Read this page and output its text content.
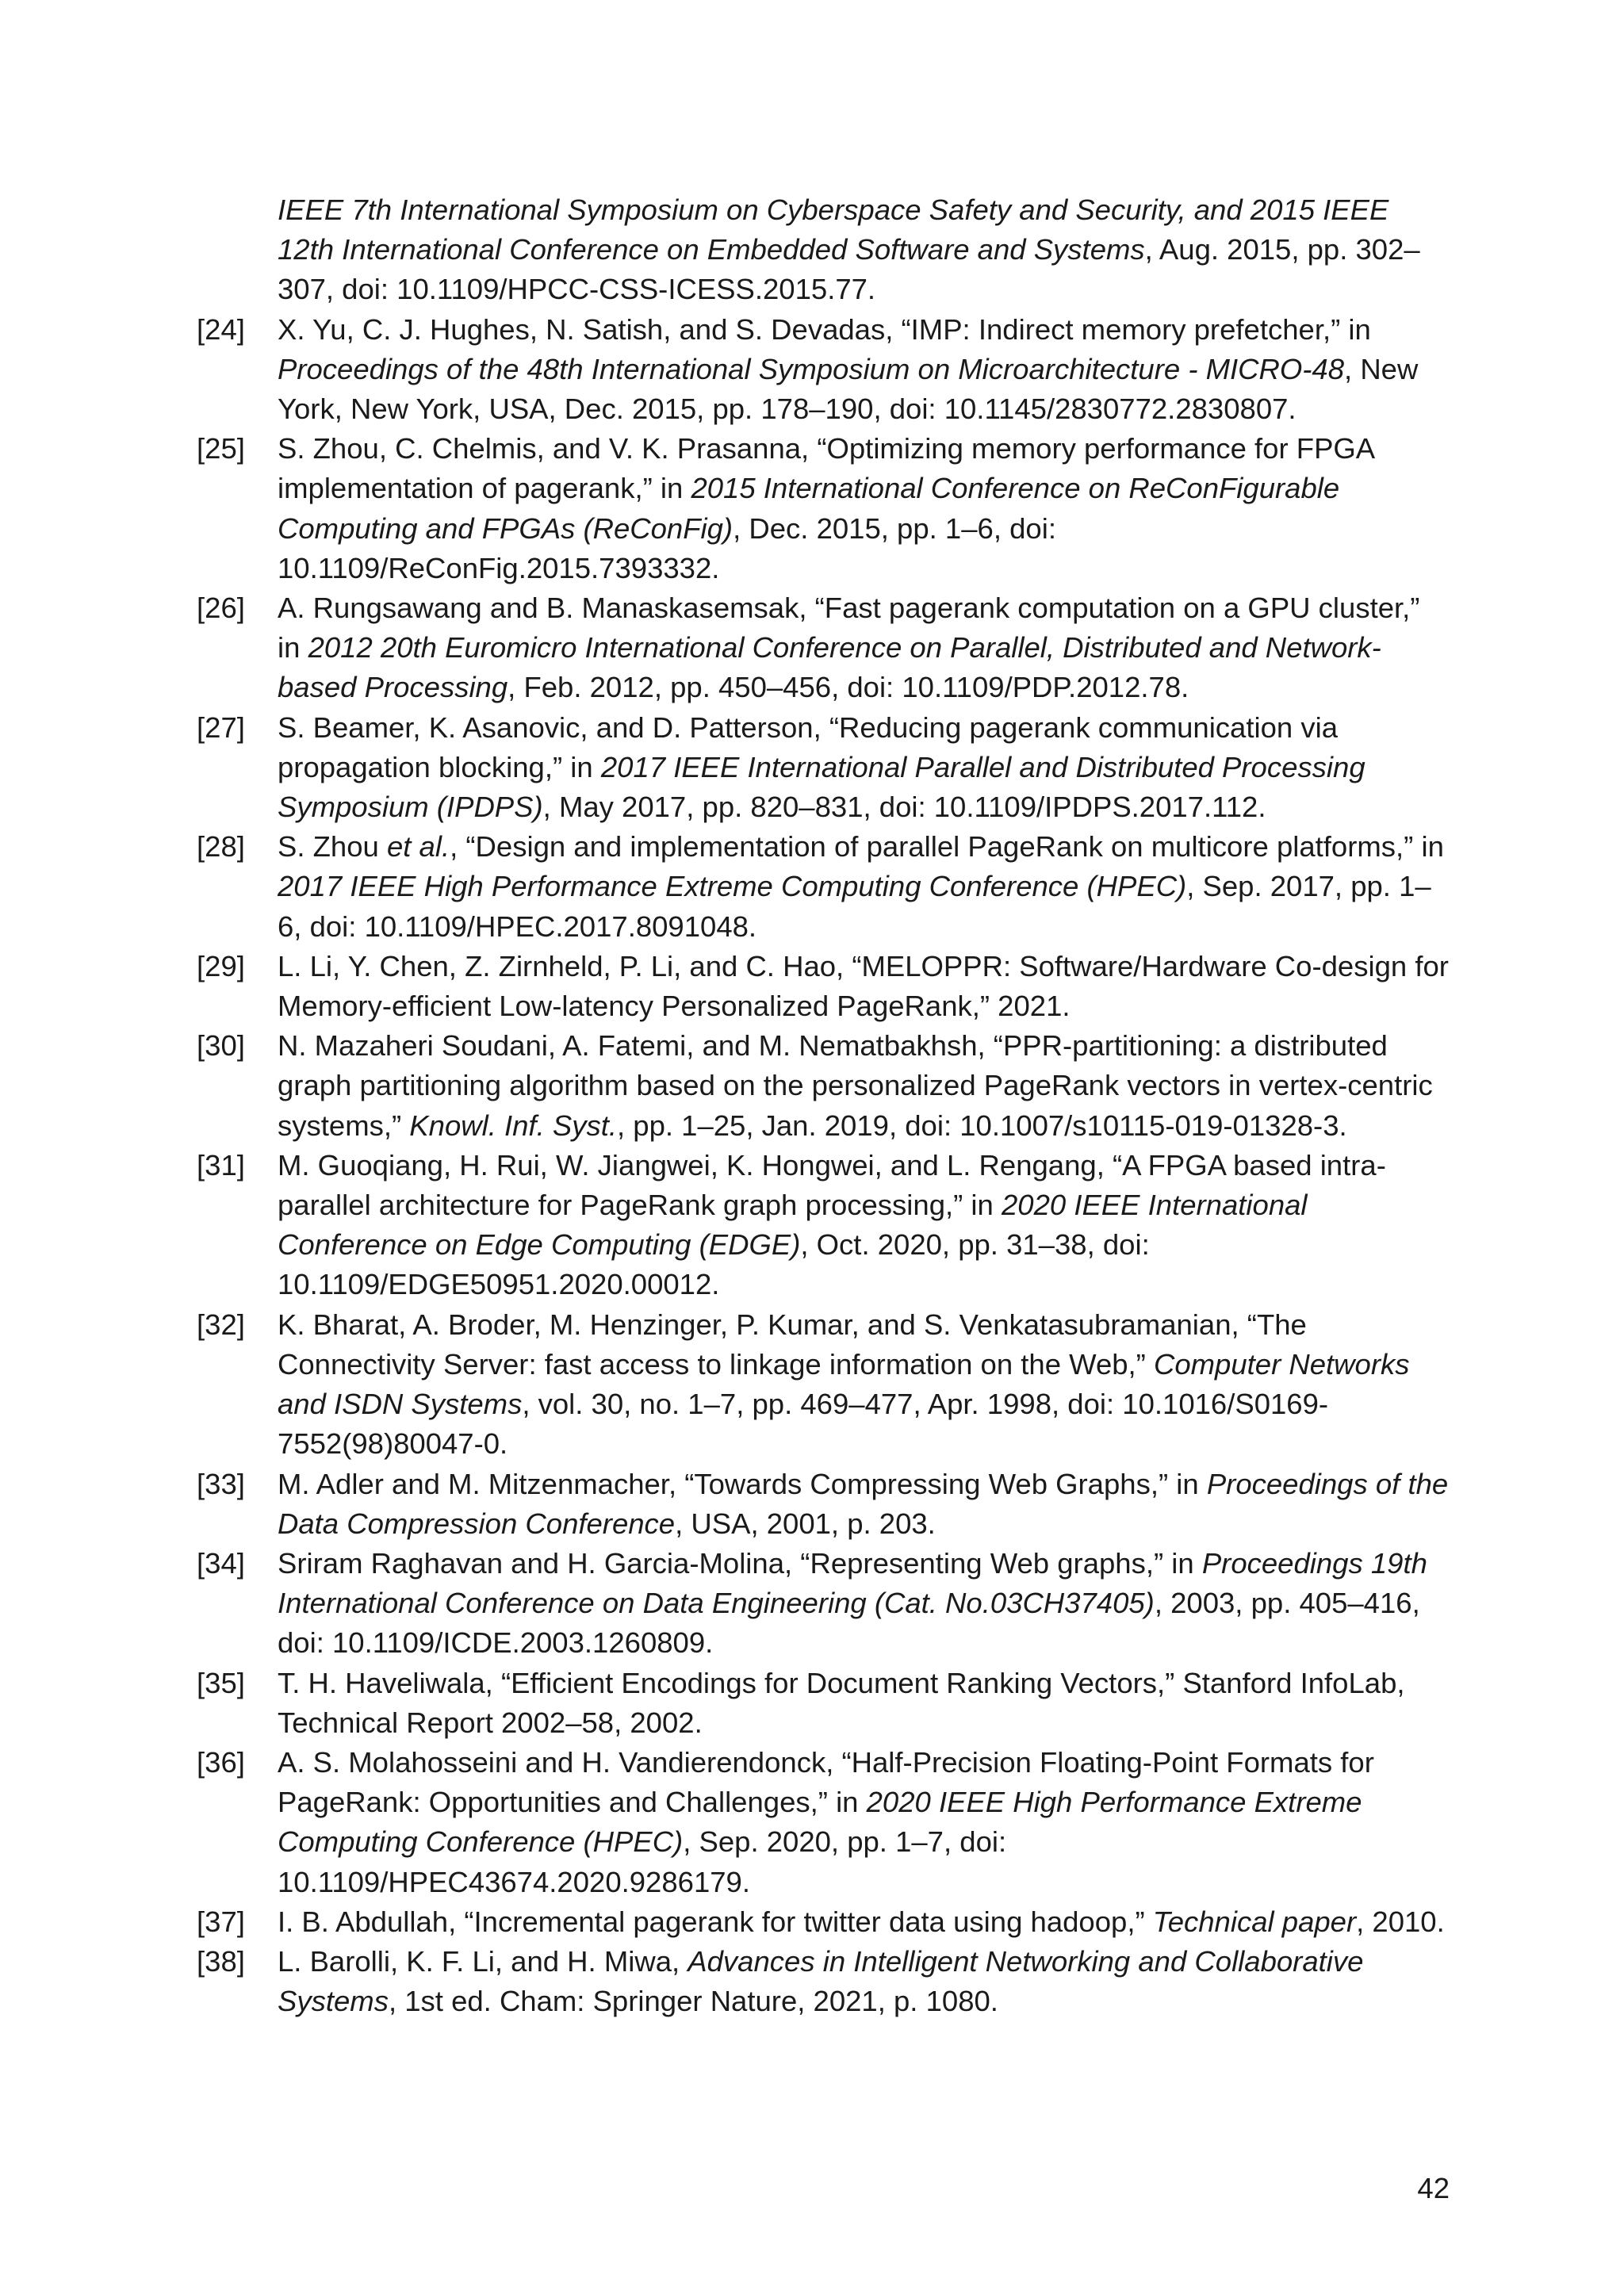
IEEE 7th International Symposium on Cyberspace Safety and Security, and 2015 IEEE 12th International Conference on Embedded Software and Systems, Aug. 2015, pp. 302–307, doi: 10.1109/HPCC-CSS-ICESS.2015.77.
[24]	X. Yu, C. J. Hughes, N. Satish, and S. Devadas, “IMP: Indirect memory prefetcher,” in Proceedings of the 48th International Symposium on Microarchitecture - MICRO-48, New York, New York, USA, Dec. 2015, pp. 178–190, doi: 10.1145/2830772.2830807.
[25]	S. Zhou, C. Chelmis, and V. K. Prasanna, “Optimizing memory performance for FPGA implementation of pagerank,” in 2015 International Conference on ReConFigurable Computing and FPGAs (ReConFig), Dec. 2015, pp. 1–6, doi: 10.1109/ReConFig.2015.7393332.
[26]	A. Rungsawang and B. Manaskasemsak, “Fast pagerank computation on a GPU cluster,” in 2012 20th Euromicro International Conference on Parallel, Distributed and Network-based Processing, Feb. 2012, pp. 450–456, doi: 10.1109/PDP.2012.78.
[27]	S. Beamer, K. Asanovic, and D. Patterson, “Reducing pagerank communication via propagation blocking,” in 2017 IEEE International Parallel and Distributed Processing Symposium (IPDPS), May 2017, pp. 820–831, doi: 10.1109/IPDPS.2017.112.
[28]	S. Zhou et al., “Design and implementation of parallel PageRank on multicore platforms,” in 2017 IEEE High Performance Extreme Computing Conference (HPEC), Sep. 2017, pp. 1–6, doi: 10.1109/HPEC.2017.8091048.
[29]	L. Li, Y. Chen, Z. Zirnheld, P. Li, and C. Hao, “MELOPPR: Software/Hardware Co-design for Memory-efficient Low-latency Personalized PageRank,” 2021.
[30]	N. Mazaheri Soudani, A. Fatemi, and M. Nematbakhsh, “PPR-partitioning: a distributed graph partitioning algorithm based on the personalized PageRank vectors in vertex-centric systems,” Knowl. Inf. Syst., pp. 1–25, Jan. 2019, doi: 10.1007/s10115-019-01328-3.
[31]	M. Guoqiang, H. Rui, W. Jiangwei, K. Hongwei, and L. Rengang, “A FPGA based intra-parallel architecture for PageRank graph processing,” in 2020 IEEE International Conference on Edge Computing (EDGE), Oct. 2020, pp. 31–38, doi: 10.1109/EDGE50951.2020.00012.
[32]	K. Bharat, A. Broder, M. Henzinger, P. Kumar, and S. Venkatasubramanian, “The Connectivity Server: fast access to linkage information on the Web,” Computer Networks and ISDN Systems, vol. 30, no. 1–7, pp. 469–477, Apr. 1998, doi: 10.1016/S0169-7552(98)80047-0.
[33]	M. Adler and M. Mitzenmacher, “Towards Compressing Web Graphs,” in Proceedings of the Data Compression Conference, USA, 2001, p. 203.
[34]	Sriram Raghavan and H. Garcia-Molina, “Representing Web graphs,” in Proceedings 19th International Conference on Data Engineering (Cat. No.03CH37405), 2003, pp. 405–416, doi: 10.1109/ICDE.2003.1260809.
[35]	T. H. Haveliwala, “Efficient Encodings for Document Ranking Vectors,” Stanford InfoLab, Technical Report 2002–58, 2002.
[36]	A. S. Molahosseini and H. Vandierendonck, “Half-Precision Floating-Point Formats for PageRank: Opportunities and Challenges,” in 2020 IEEE High Performance Extreme Computing Conference (HPEC), Sep. 2020, pp. 1–7, doi: 10.1109/HPEC43674.2020.9286179.
[37]	I. B. Abdullah, “Incremental pagerank for twitter data using hadoop,” Technical paper, 2010.
[38]	L. Barolli, K. F. Li, and H. Miwa, Advances in Intelligent Networking and Collaborative Systems, 1st ed. Cham: Springer Nature, 2021, p. 1080.
42
